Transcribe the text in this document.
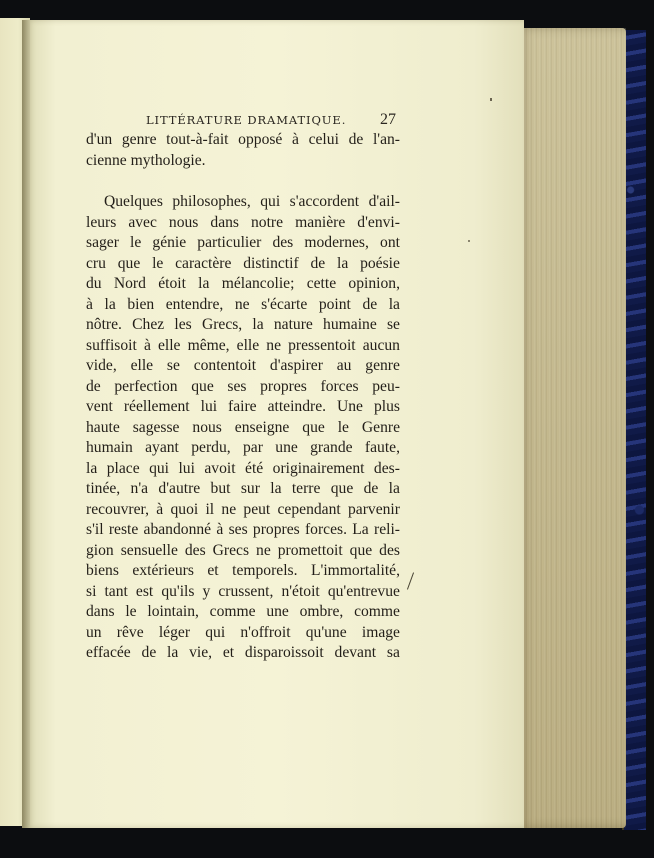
LITTÉRATURE DRAMATIQUE.	27
d'un genre tout-à-fait opposé à celui de l'an-
cienne mythologie.
Quelques philosophes, qui s'accordent d'ail-
leurs avec nous dans notre manière d'envi-
sager le génie particulier des modernes, ont
cru que le caractère distinctif de la poésie
du Nord étoit la mélancolie; cette opinion,
à la bien entendre, ne s'écarte point de la
nôtre. Chez les Grecs, la nature humaine se
suffisoit à elle même, elle ne pressentoit aucun
vide, elle se contentoit d'aspirer au genre
de perfection que ses propres forces peu-
vent réellement lui faire atteindre. Une plus
haute sagesse nous enseigne que le Genre
humain ayant perdu, par une grande faute,
la place qui lui avoit été originairement des-
tinée, n'a d'autre but sur la terre que de la
recouvrer, à quoi il ne peut cependant parvenir
s'il reste abandonné à ses propres forces. La reli-
gion sensuelle des Grecs ne promettoit que des
biens extérieurs et temporels. L'immortalité,
si tant est qu'ils y crussent, n'étoit qu'entrevue
dans le lointain, comme une ombre, comme
un rêve léger qui n'offroit qu'une image
effacée de la vie, et disparoissoit devant sa
